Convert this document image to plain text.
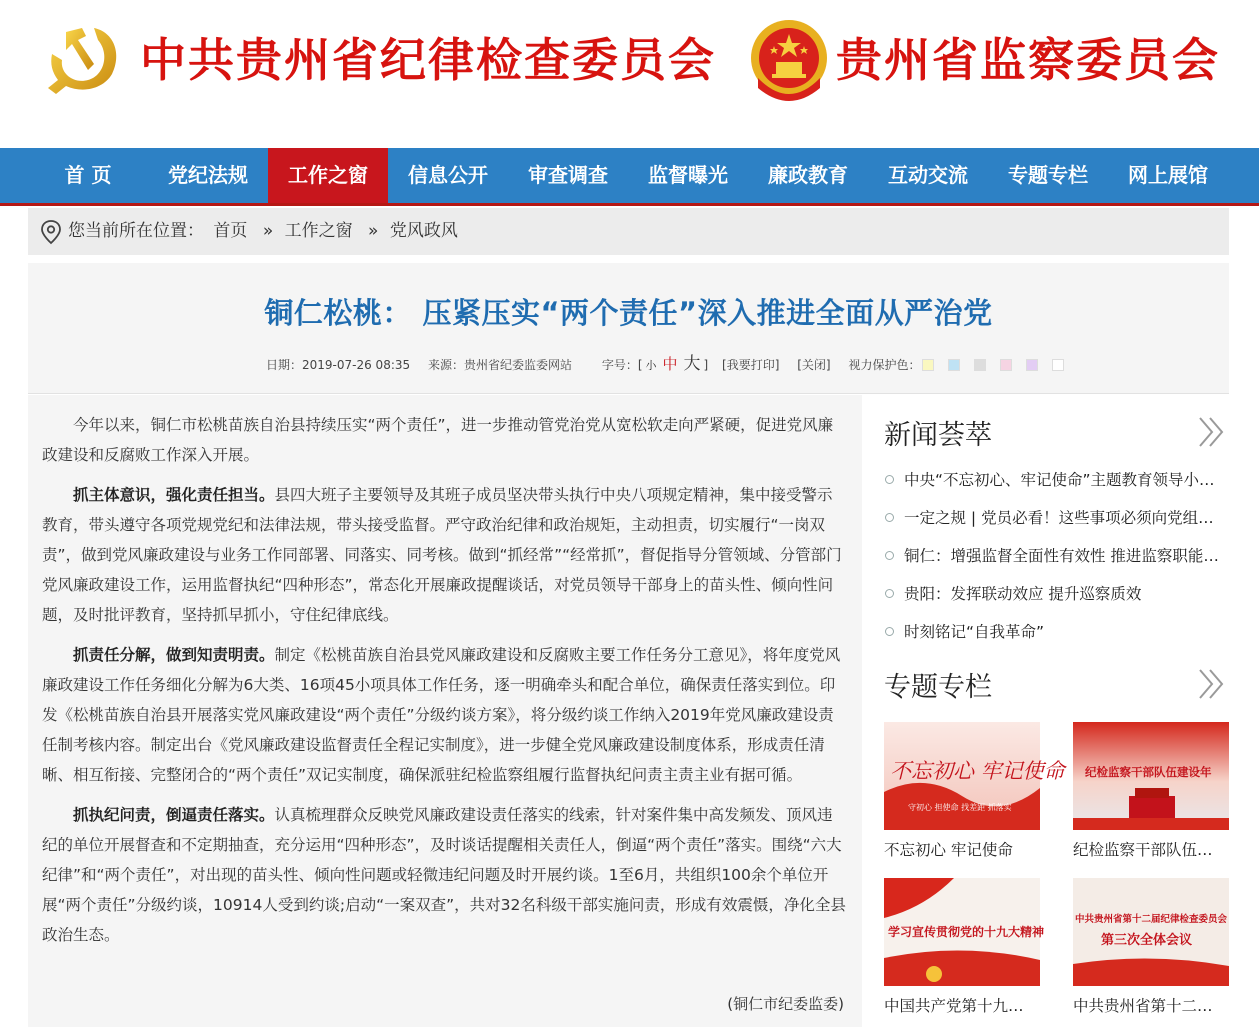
中共贵州省纪律检查委员会	贵州省监察委员会
首 页	党纪法规	工作之窗	信息公开	审查调查	监督曝光	廉政教育	互动交流	专题专栏	网上展馆
您当前所在位置： 首页 » 工作之窗 » 党风政风
铜仁松桃： 压紧压实“两个责任”深入推进全面从严治党
日期：2019-07-26 08:35 来源：贵州省纪委监委网站 字号：[ 小 中 大 ] [我要打印] [关闭] 视力保护色：

今年以来，铜仁市松桃苗族自治县持续压实“两个责任”，进一步推动管党治党从宽松软走向严紧硬，促进党风廉政建设和反腐败工作深入开展。

抓主体意识，强化责任担当。县四大班子主要领导及其班子成员坚决带头执行中央八项规定精神，集中接受警示教育，带头遵守各项党规党纪和法律法规，带头接受监督。严守政治纪律和政治规矩，主动担责，切实履行“一岗双责”，做到党风廉政建设与业务工作同部署、同落实、同考核。做到“抓经常”“经常抓”，督促指导分管领域、分管部门党风廉政建设工作，运用监督执纪“四种形态”，常态化开展廉政提醒谈话，对党员领导干部身上的苗头性、倾向性问题，及时批评教育，坚持抓早抓小，守住纪律底线。

抓责任分解，做到知责明责。制定《松桃苗族自治县党风廉政建设和反腐败主要工作任务分工意见》，将年度党风廉政建设工作任务细化分解为6大类、16项45小项具体工作任务，逐一明确牵头和配合单位，确保责任落实到位。印发《松桃苗族自治县开展落实党风廉政建设“两个责任”分级约谈方案》，将分级约谈工作纳入2019年党风廉政建设责任制考核内容。制定出台《党风廉政建设监督责任全程记实制度》，进一步健全党风廉政建设制度体系，形成责任清晰、相互衔接、完整闭合的“两个责任”双记实制度，确保派驻纪检监察组履行监督执纪问责主责主业有据可循。

抓执纪问责，倒逼责任落实。认真梳理群众反映党风廉政建设责任落实的线索，针对案件集中高发频发、顶风违纪的单位开展督查和不定期抽查，充分运用“四种形态”，及时谈话提醒相关责任人，倒逼“两个责任”落实。围绕“六大纪律”和“两个责任”，对出现的苗头性、倾向性问题或轻微违纪问题及时开展约谈。1至6月，共组织100余个单位开展“两个责任”分级约谈，10914人受到约谈;启动“一案双查”，共对32名科级干部实施问责，形成有效震慑，净化全县政治生态。

(铜仁市纪委监委)
新闻荟萃
中央“不忘初心、牢记使命”主题教育领导小…
一定之规 | 党员必看！这些事项必须向党组…
铜仁：增强监督全面性有效性 推进监察职能…
贵阳：发挥联动效应 提升巡察质效
时刻铭记“自我革命”
专题专栏
不忘初心 牢记使命
守初心 担使命 找差距 抓落实
不忘初心 牢记使命
纪检监察干部队伍建设年
纪检监察干部队伍…
学习宣传贯彻党的十九大精神
中国共产党第十九…
中共贵州省第十二届纪律检查委员会
第三次全体会议
中共贵州省第十二…
